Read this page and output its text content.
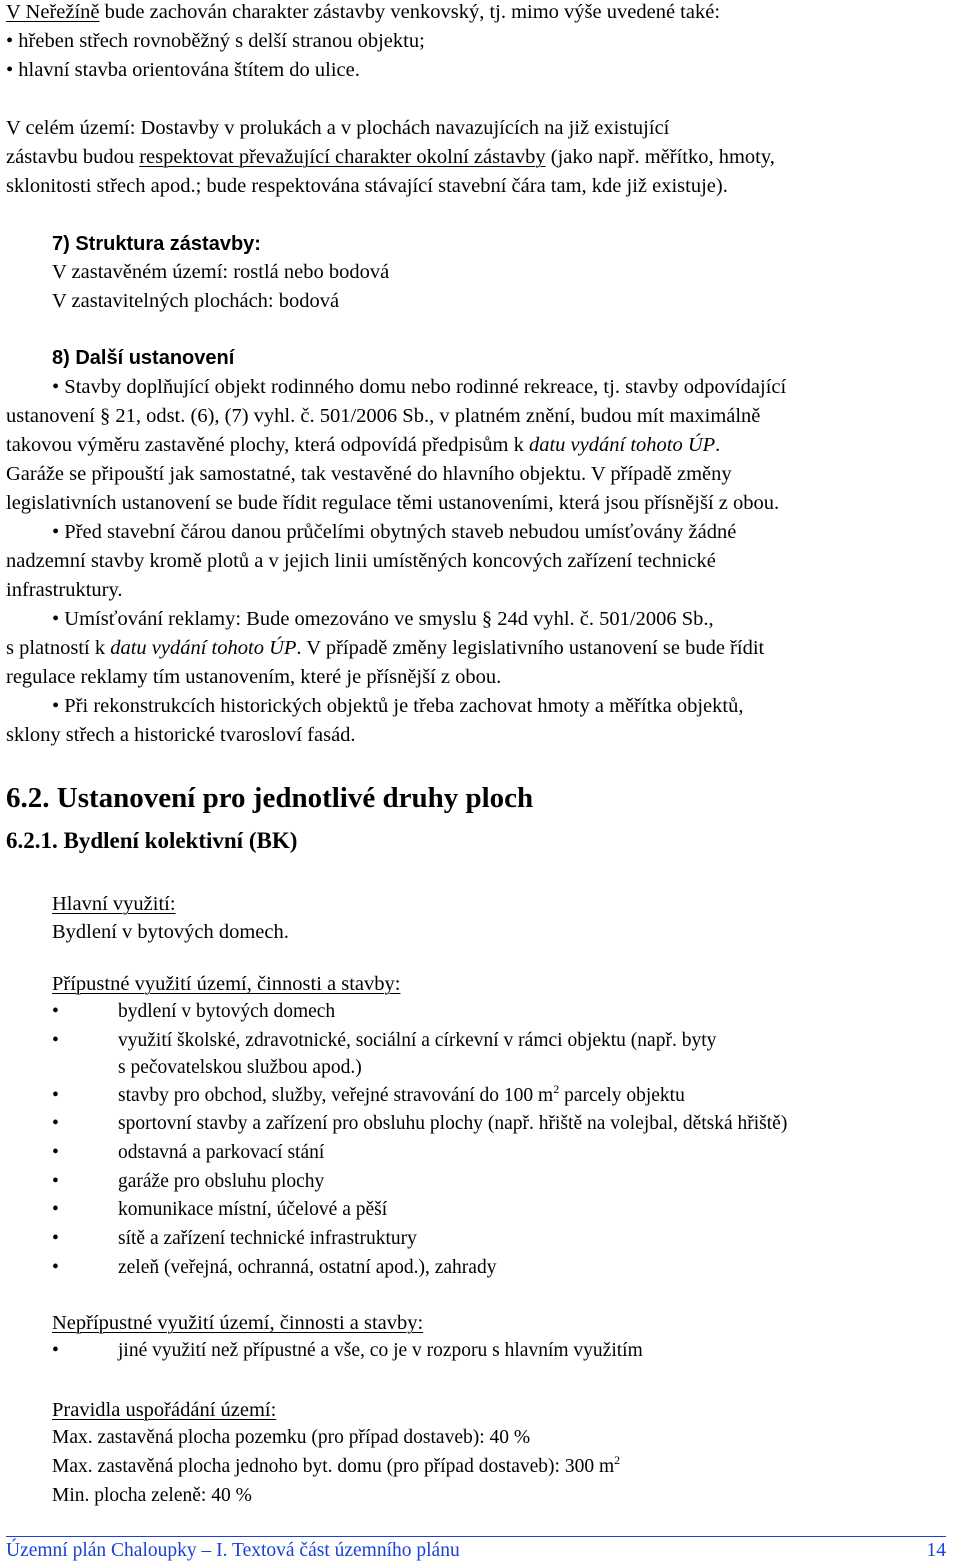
V Neřežíně bude zachován charakter zástavby venkovský, tj. mimo výše uvedené také:
• hřeben střech rovnoběžný s delší stranou objektu;
• hlavní stavba orientována štítem do ulice.
V celém území: Dostavby v prolukách a v plochách navazujících na již existující
zástavbu budou respektovat převažující charakter okolní zástavby (jako např. měřítko, hmoty,
sklonitosti střech apod.; bude respektována stávající stavební čára tam, kde již existuje).
7) Struktura zástavby:
V zastavěném území: rostlá nebo bodová
V zastavitelných plochách: bodová
8) Další ustanovení
• Stavby doplňující objekt rodinného domu nebo rodinné rekreace, tj. stavby odpovídající
ustanovení § 21, odst. (6), (7) vyhl. č. 501/2006 Sb., v platném znění, budou mít maximálně
takovou výměru zastavěné plochy, která odpovídá předpisům k datu vydání tohoto ÚP.
Garáže se připouští jak samostatné, tak vestavěné do hlavního objektu. V případě změny
legislativních ustanovení se bude řídit regulace těmi ustanoveními, která jsou přísnější z obou.
• Před stavební čárou danou průčelími obytných staveb nebudou umísťovány žádné
nadzemní stavby kromě plotů a v jejich linii umístěných koncových zařízení technické
infrastruktury.
• Umísťování reklamy: Bude omezováno ve smyslu § 24d vyhl. č. 501/2006 Sb.,
s platností k datu vydání tohoto ÚP. V případě změny legislativního ustanovení se bude řídit
regulace reklamy tím ustanovením, které je přísnější z obou.
• Při rekonstrukcích historických objektů je třeba zachovat hmoty a měřítka objektů,
sklony střech a historické tvarosloví fasád.
6.2. Ustanovení pro jednotlivé druhy ploch
6.2.1. Bydlení kolektivní (BK)
Hlavní využití:
Bydlení v bytových domech.
Přípustné využití území, činnosti a stavby:
•	bydlení v bytových domech
•	využití školské, zdravotnické, sociální a církevní v rámci objektu (např. byty
s pečovatelskou službou apod.)
•	stavby pro obchod, služby, veřejné stravování do 100 $m^2$ parcely objektu
•	sportovní stavby a zařízení pro obsluhu plochy (např. hřiště na volejbal, dětská hřiště)
•	odstavná a parkovací stání
•	garáže pro obsluhu plochy
•	komunikace místní, účelové a pěší
•	sítě a zařízení technické infrastruktury
•	zeleň (veřejná, ochranná, ostatní apod.), zahrady
Nepřípustné využití území, činnosti a stavby:
•	jiné využití než přípustné a vše, co je v rozporu s hlavním využitím
Pravidla uspořádání území:
Max. zastavěná plocha pozemku (pro případ dostaveb): 40 %
Max. zastavěná plocha jednoho byt. domu (pro případ dostaveb): 300 $m^2$
Min. plocha zeleně: 40 %
Územní plán Chaloupky – I. Textová část územního plánu	14
